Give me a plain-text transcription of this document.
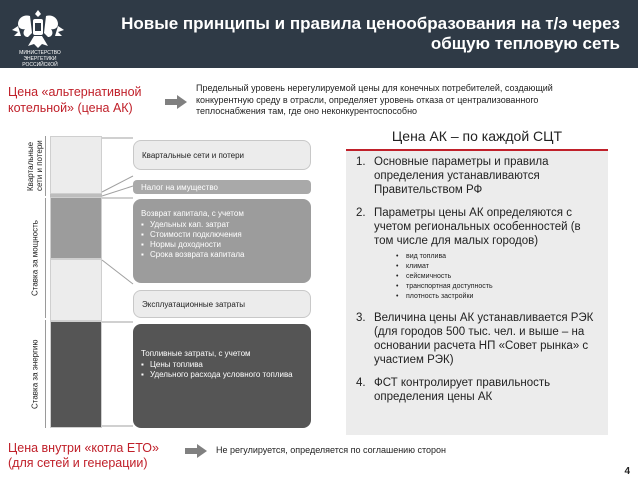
МИНИСТЕРСТВО ЭНЕРГЕТИКИ РОССИЙСКОЙ ФЕДЕРАЦИИ
Новые принципы и правила ценообразования на т/э через общую тепловую сеть
Цена «альтернативной котельной» (цена АК)
Предельный уровень нерегулируемой цены для конечных потребителей, создающий конкурентную среду в отрасли, определяет уровень отказа от централизованного теплоснабжения там, где оно неконкурентоспособно
Квартальные сети и потери
Ставка за мощность
Ставка за энергию
Квартальные сети и потери
Налог на имущество
Возврат капитала, с учетом
▪ Удельных кап. затрат
▪ Стоимости подключения
▪ Нормы доходности
▪ Срока возврата капитала
Эксплуатационные затраты
Топливные затраты, с учетом
▪ Цены топлива
▪ Удельного расхода условного топлива
Цена АК – по каждой СЦТ
1. Основные параметры и правила определения устанавливаются Правительством РФ
2. Параметры цены АК определяются с учетом региональных особенностей (в том числе для малых городов)
• вид топлива
• климат
• сейсмичность
• транспортная доступность
• плотность застройки
3. Величина цены АК устанавливается РЭК (для городов 500 тыс. чел. и выше – на основании расчета НП «Совет рынка» с участием РЭК)
4. ФСТ контролирует правильность определения цены АК
Цена внутри «котла ЕТО» (для сетей и генерации)
Не регулируется, определяется по соглашению сторон
4
